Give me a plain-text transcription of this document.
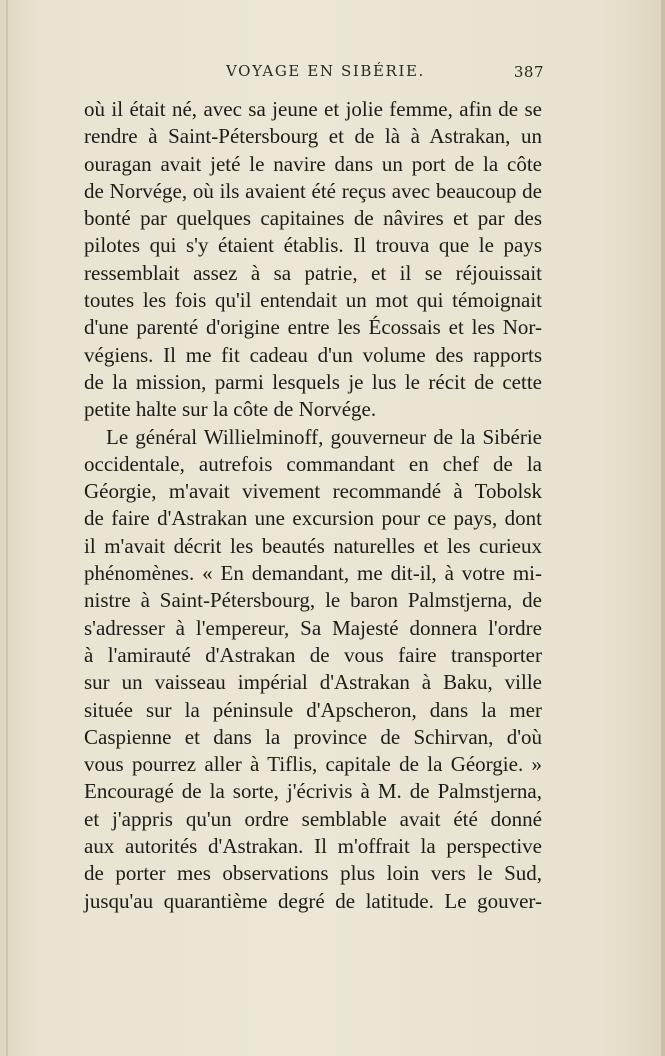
VOYAGE EN SIBÉRIE.	387
où il était né, avec sa jeune et jolie femme, afin de se
rendre à Saint-Pétersbourg et de là à Astrakan, un
ouragan avait jeté le navire dans un port de la côte
de Norvége, où ils avaient été reçus avec beaucoup de
bonté par quelques capitaines de nâvires et par des
pilotes qui s'y étaient établis. Il trouva que le pays
ressemblait assez à sa patrie, et il se réjouissait
toutes les fois qu'il entendait un mot qui témoignait
d'une parenté d'origine entre les Écossais et les Nor-
végiens. Il me fit cadeau d'un volume des rapports
de la mission, parmi lesquels je lus le récit de cette
petite halte sur la côte de Norvége.
Le général Willielminoff, gouverneur de la Sibérie
occidentale, autrefois commandant en chef de la
Géorgie, m'avait vivement recommandé à Tobolsk
de faire d'Astrakan une excursion pour ce pays, dont
il m'avait décrit les beautés naturelles et les curieux
phénomènes. « En demandant, me dit-il, à votre mi-
nistre à Saint-Pétersbourg, le baron Palmstjerna, de
s'adresser à l'empereur, Sa Majesté donnera l'ordre
à l'amirauté d'Astrakan de vous faire transporter
sur un vaisseau impérial d'Astrakan à Baku, ville
située sur la péninsule d'Apscheron, dans la mer
Caspienne et dans la province de Schirvan, d'où
vous pourrez aller à Tiflis, capitale de la Géorgie. »
Encouragé de la sorte, j'écrivis à M. de Palmstjerna,
et j'appris qu'un ordre semblable avait été donné
aux autorités d'Astrakan. Il m'offrait la perspective
de porter mes observations plus loin vers le Sud,
jusqu'au quarantième degré de latitude. Le gouver-
